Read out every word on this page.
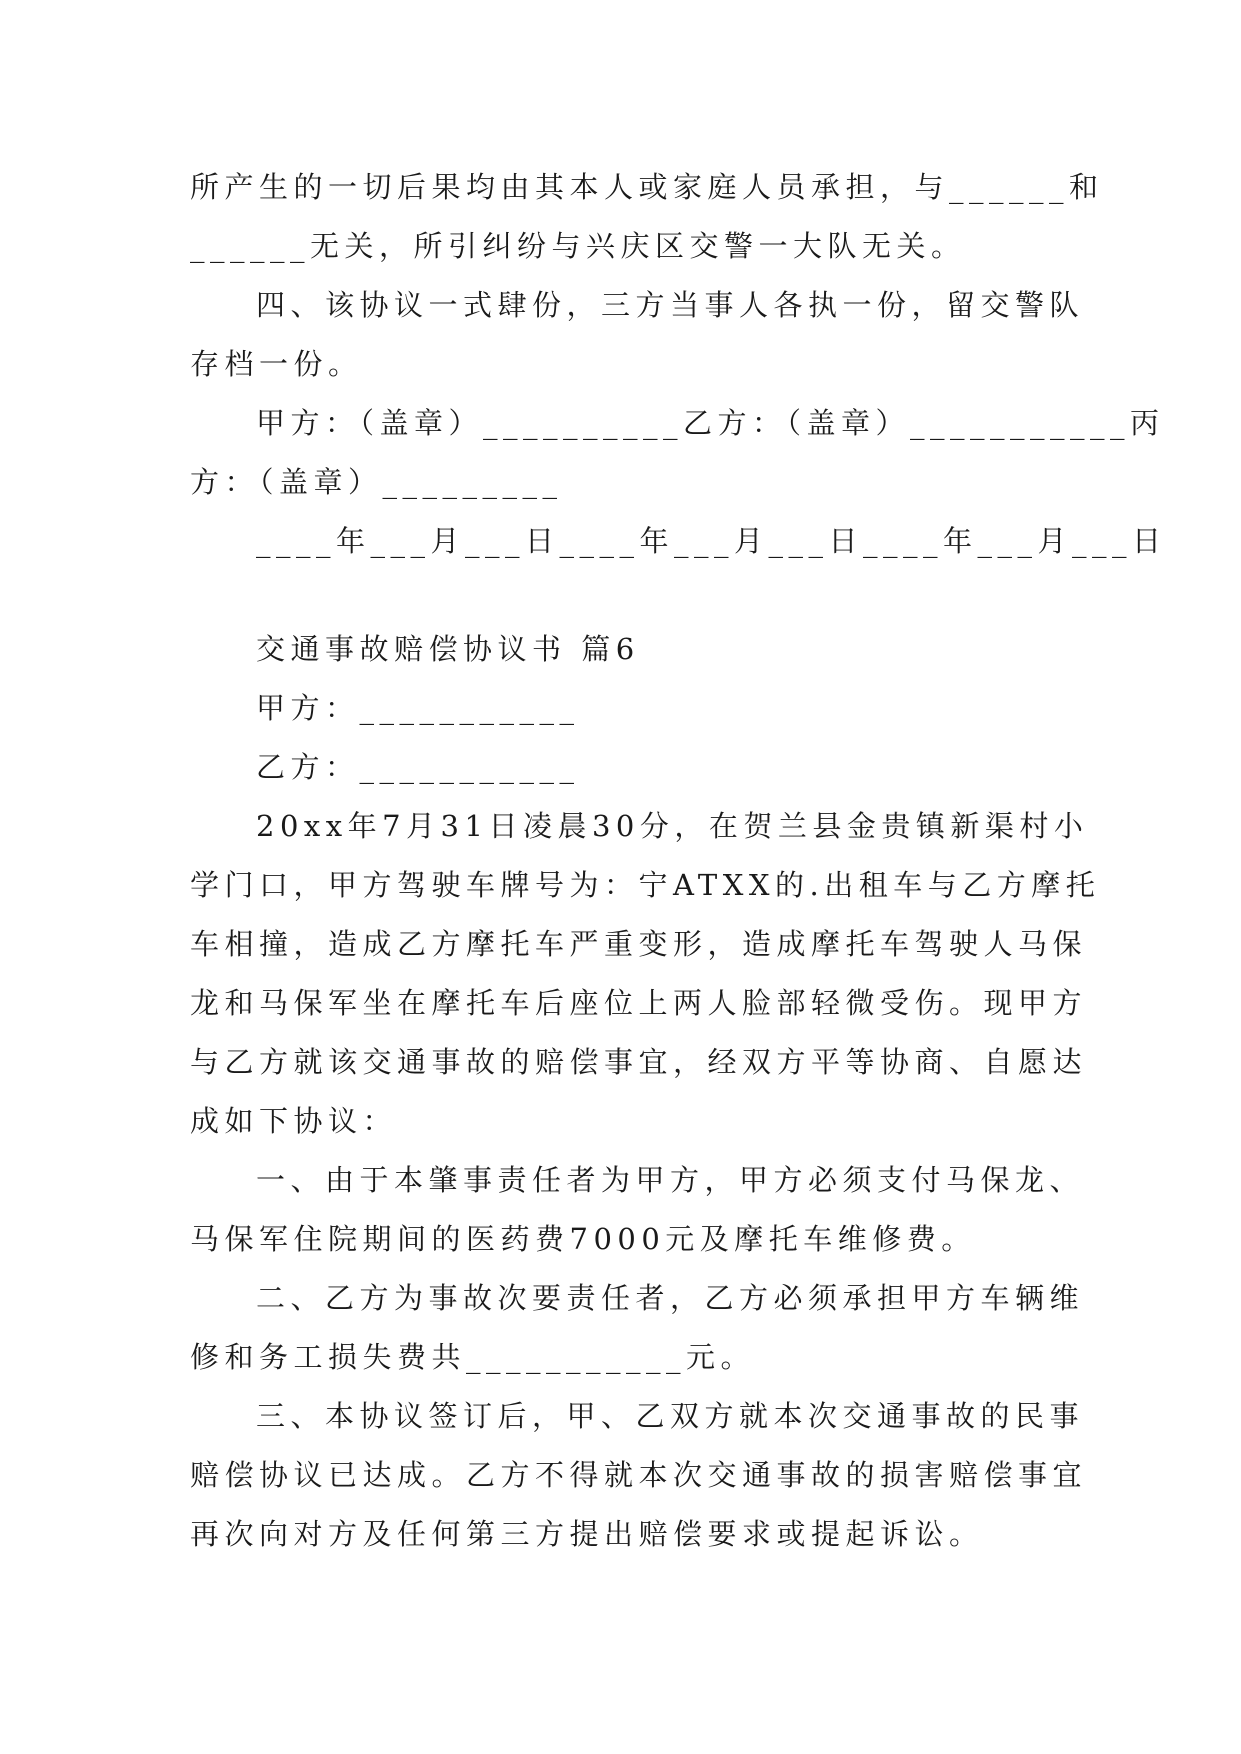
所产生的一切后果均由其本人或家庭人员承担，与______和
______无关，所引纠纷与兴庆区交警一大队无关。
四、该协议一式肆份，三方当事人各执一份，留交警队
存档一份。
甲方：（盖章）__________乙方：（盖章）___________丙
方：（盖章）_________
____年___月___日____年___月___日____年___月___日
交通事故赔偿协议书 篇6
甲方：___________
乙方：___________
20xx年7月31日凌晨30分，在贺兰县金贵镇新渠村小
学门口，甲方驾驶车牌号为：宁ATXX的.出租车与乙方摩托
车相撞，造成乙方摩托车严重变形，造成摩托车驾驶人马保
龙和马保军坐在摩托车后座位上两人脸部轻微受伤。现甲方
与乙方就该交通事故的赔偿事宜，经双方平等协商、自愿达
成如下协议：
一、由于本肇事责任者为甲方，甲方必须支付马保龙、
马保军住院期间的医药费7000元及摩托车维修费。
二、乙方为事故次要责任者，乙方必须承担甲方车辆维
修和务工损失费共___________元。
三、本协议签订后，甲、乙双方就本次交通事故的民事
赔偿协议已达成。乙方不得就本次交通事故的损害赔偿事宜
再次向对方及任何第三方提出赔偿要求或提起诉讼。
